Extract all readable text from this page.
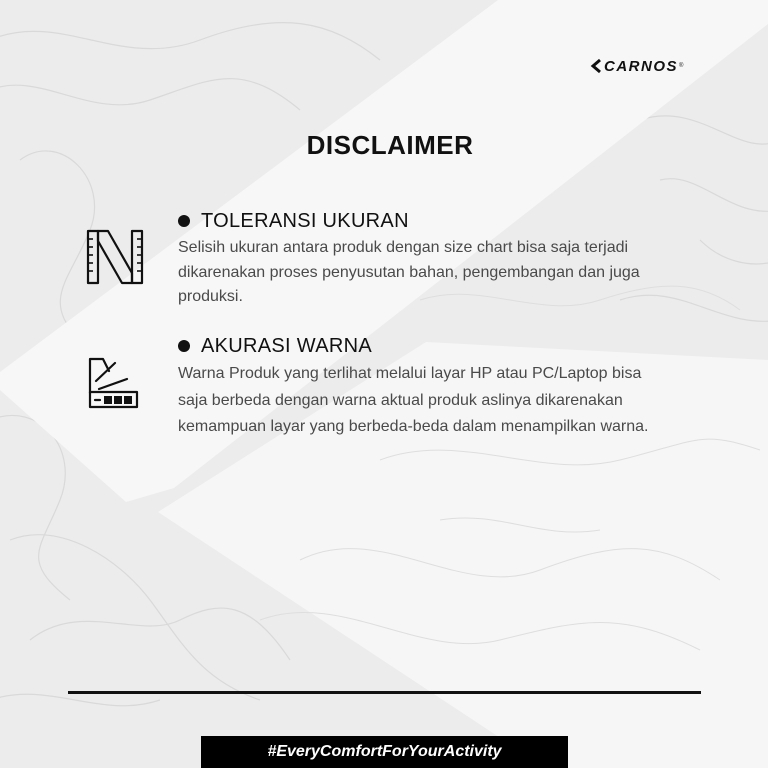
CARNOS ®
DISCLAIMER
TOLERANSI UKURAN
Selisih ukuran antara produk dengan size chart bisa saja terjadi
dikarenakan proses penyusutan bahan, pengembangan dan juga
produksi.
AKURASI WARNA
Warna Produk yang terlihat melalui layar HP atau PC/Laptop bisa
saja berbeda dengan warna aktual produk aslinya dikarenakan
kemampuan layar yang berbeda-beda dalam menampilkan warna.
#EveryComfortForYourActivity
